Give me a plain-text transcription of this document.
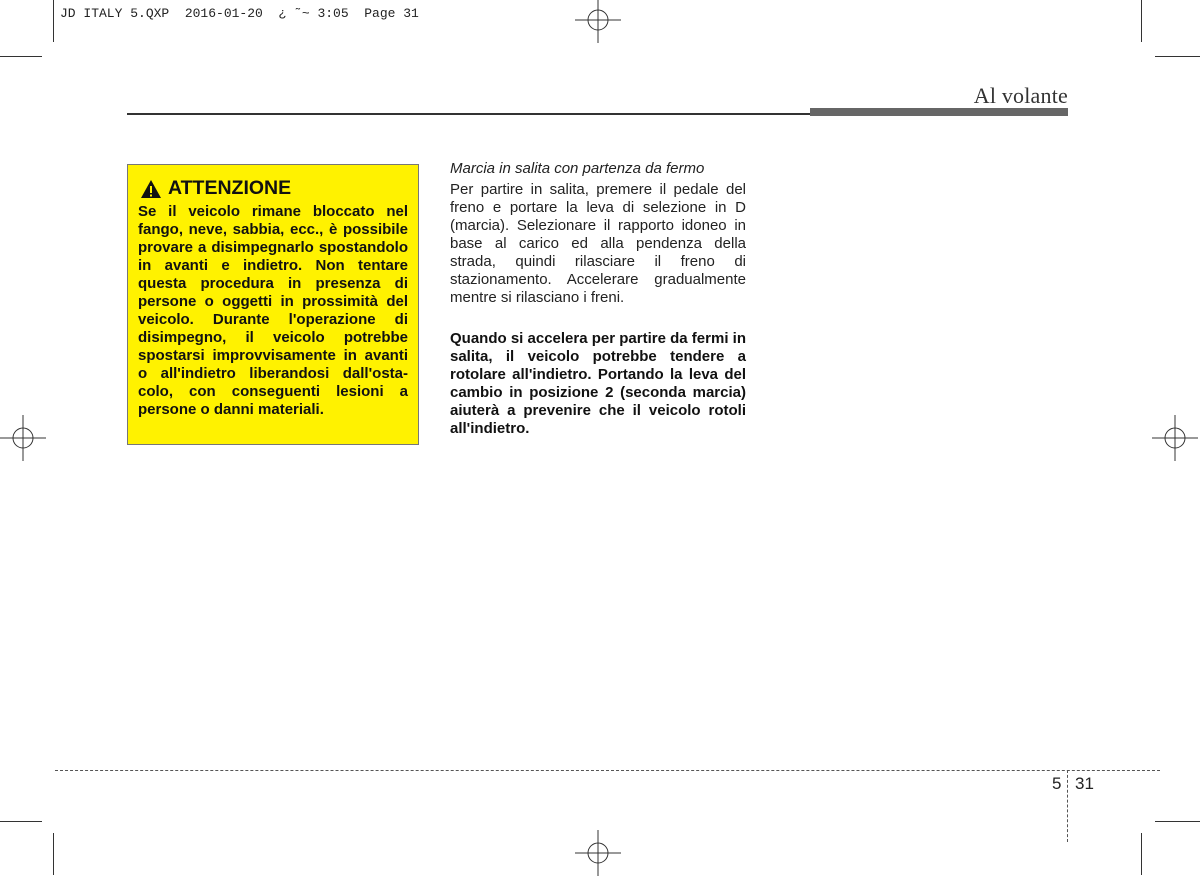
JD ITALY 5.QXP  2016-01-20  ¿ ˜~ 3:05  Page 31
Al volante
ATTENZIONE
Se il veicolo rimane bloccato nel fango, neve, sabbia, ecc., è possibile provare a disimpegnarlo spostandolo in avanti e indietro. Non tentare questa procedura in presenza di persone o oggetti in prossimità del veicolo. Durante l'operazione di disimpegno, il veicolo potrebbe spostarsi improvvisamente in avanti o all'indietro liberandosi dall'osta-colo, con conseguenti lesioni a persone o danni materiali.
Marcia in salita con partenza da fermo

Per partire in salita, premere il pedale del freno e portare la leva di selezione in D (marcia). Selezionare il rapporto idoneo in base al carico ed alla pendenza della strada, quindi rilasciare il freno di stazionamento. Accelerare gradualmente mentre si rilasciano i freni.

Quando si accelera per partire da fermi in salita, il veicolo potrebbe tendere a rotolare all'indietro. Portando la leva del cambio in posizione 2 (seconda marcia) aiuterà a prevenire che il veicolo rotoli all'indietro.

5 31
